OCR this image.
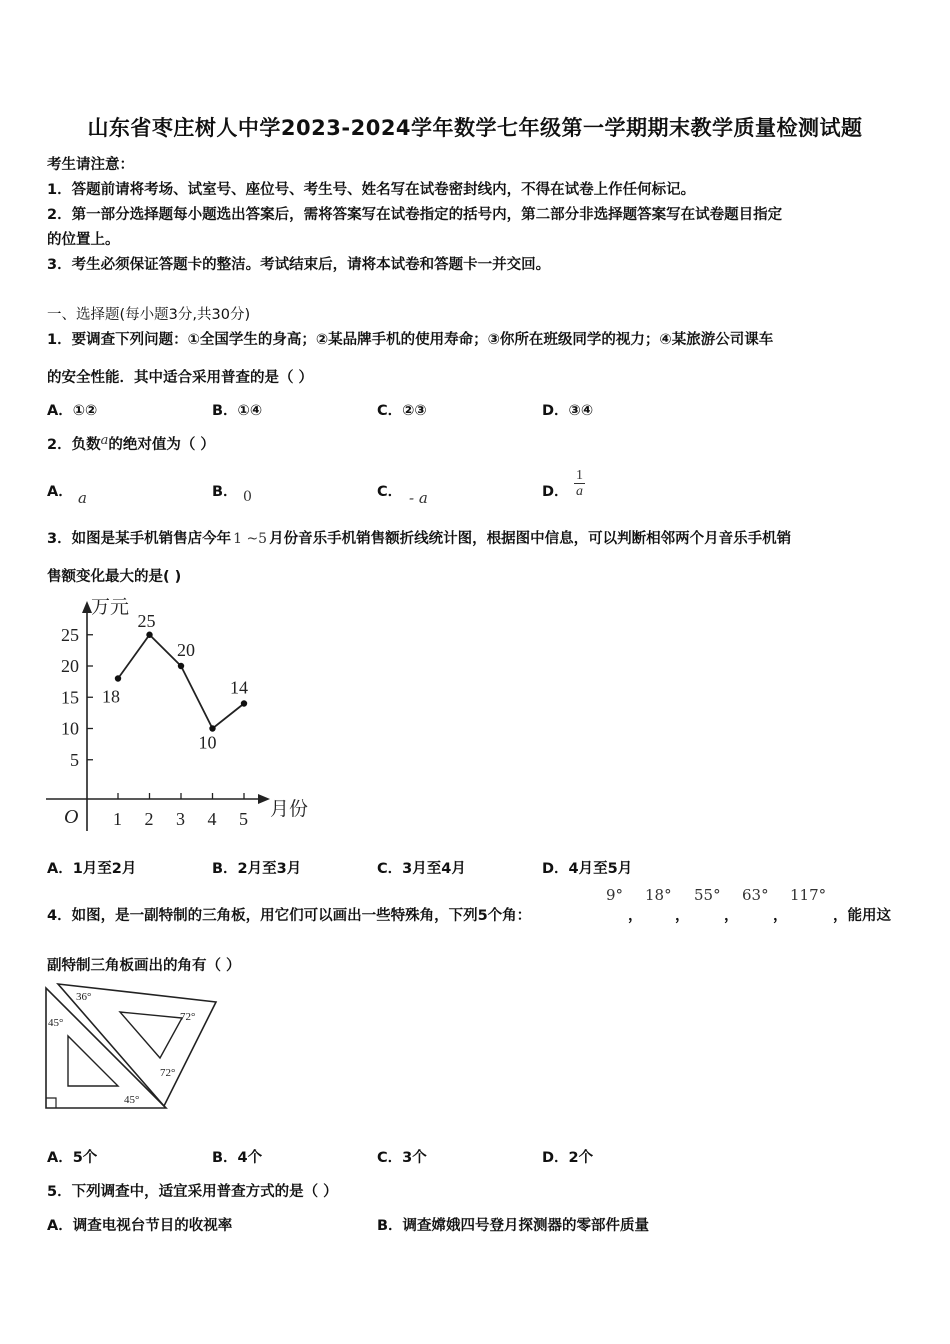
山东省枣庄树人中学2023-2024学年数学七年级第一学期期末教学质量检测试题
考生请注意：
1．答题前请将考场、试室号、座位号、考生号、姓名写在试卷密封线内，不得在试卷上作任何标记。
2．第一部分选择题每小题选出答案后，需将答案写在试卷指定的括号内，第二部分非选择题答案写在试卷题目指定
的位置上。
3．考生必须保证答题卡的整洁。考试结束后，请将本试卷和答题卡一并交回。
一、选择题(每小题3分,共30分)
1．要调查下列问题：①全国学生的身高；②某品牌手机的使用寿命；③你所在班级同学的视力；④某旅游公司课车
的安全性能．其中适合采用普查的是（ ）
A．①②	B．①④	C．②③	D．③④
2．负数a的绝对值为（ ）
A． a	B． 0	C． - a	D． $\frac{1}{a}$
3．如图是某手机销售店今年 1 ~5 月份音乐手机销售额折线统计图，根据图中信息，可以判断相邻两个月音乐手机销
售额变化最大的是( )
万元
月份
O 1 2 3 4 5
5
10
15
20
25
18
25
20
10
14
A．1月至2月	B．2月至3月	C．3月至4月	D．4月至5月
4．如图，是一副特制的三角板，用它们可以画出一些特殊角，下列5个角：
9°
，
18°
，
55°
，
63°
，
117°
，能用这
副特制三角板画出的角有（ ）
36°
45°	72°
72°
45°
A．5个	B．4个	C．3个	D．2个
5．下列调查中，适宜采用普查方式的是（ ）
A．调查电视台节目的收视率	B．调查嫦娥四号登月探测器的零部件质量
